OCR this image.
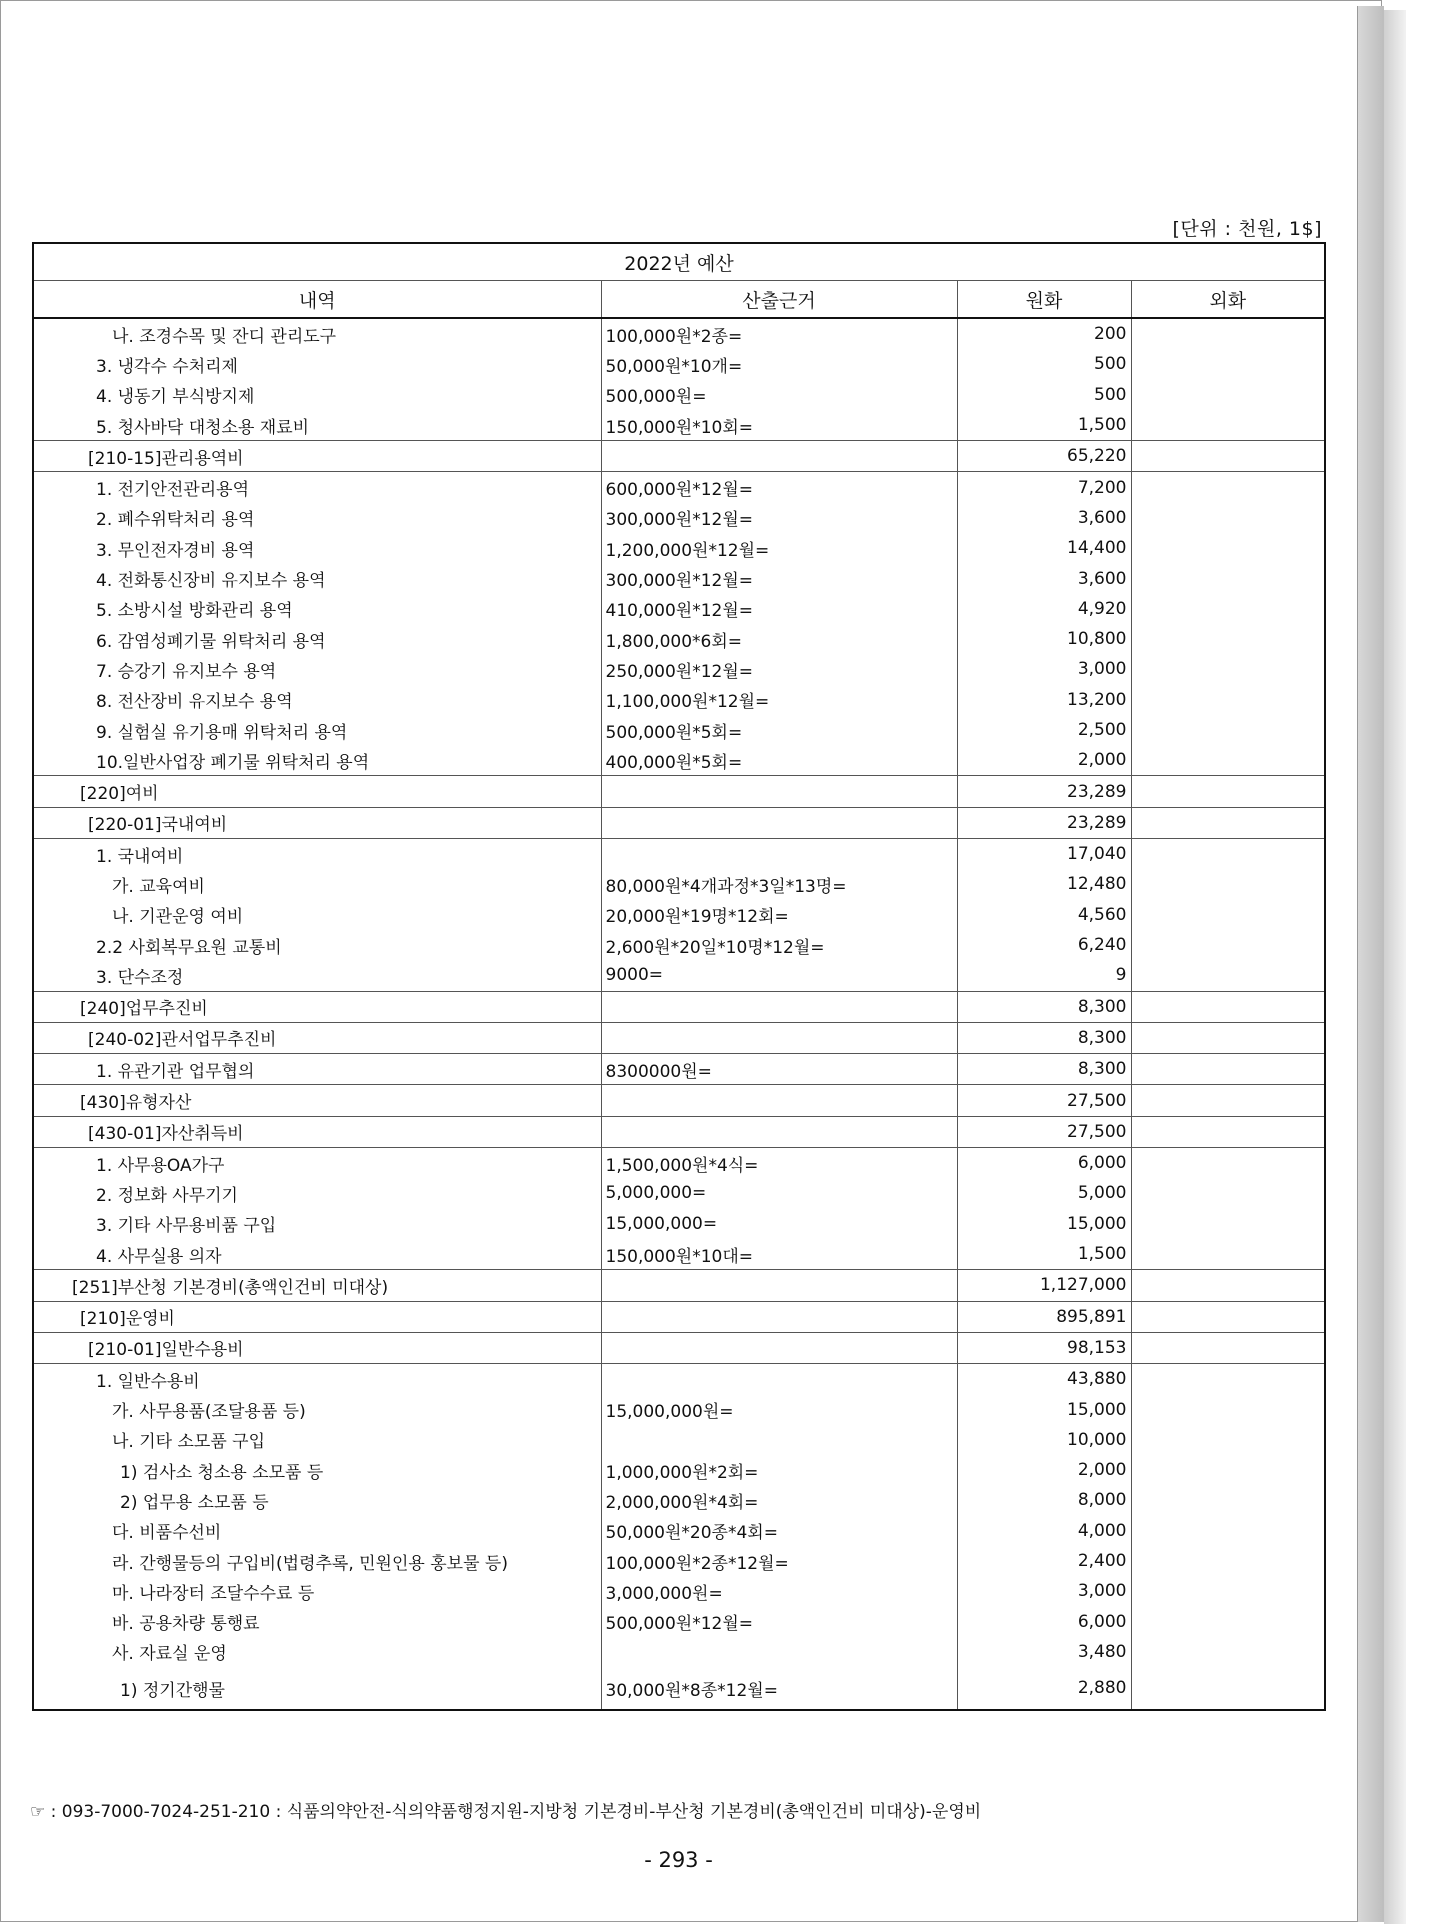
[단위 : 천원, 1$]
2022년 예산			
내역	산출근거	원화	외화
나. 조경수목 및 잔디 관리도구	100,000원*2종=	200	
3. 냉각수 수처리제	50,000원*10개=	500	
4. 냉동기 부식방지제	500,000원=	500	
5. 청사바닥 대청소용 재료비	150,000원*10회=	1,500	
[210-15]관리용역비		65,220	
1. 전기안전관리용역	600,000원*12월=	7,200	
2. 폐수위탁처리 용역	300,000원*12월=	3,600	
3. 무인전자경비 용역	1,200,000원*12월=	14,400	
4. 전화통신장비 유지보수 용역	300,000원*12월=	3,600	
5. 소방시설 방화관리 용역	410,000원*12월=	4,920	
6. 감염성폐기물 위탁처리 용역	1,800,000*6회=	10,800	
7. 승강기 유지보수 용역	250,000원*12월=	3,000	
8. 전산장비 유지보수 용역	1,100,000원*12월=	13,200	
9. 실험실 유기용매 위탁처리 용역	500,000원*5회=	2,500	
10.일반사업장 폐기물 위탁처리 용역	400,000원*5회=	2,000	
[220]여비		23,289	
[220-01]국내여비		23,289	
1. 국내여비		17,040	
가. 교육여비	80,000원*4개과정*3일*13명=	12,480	
나. 기관운영 여비	20,000원*19명*12회=	4,560	
2.2 사회복무요원 교통비	2,600원*20일*10명*12월=	6,240	
3. 단수조정	9000=	9	
[240]업무추진비		8,300	
[240-02]관서업무추진비		8,300	
1. 유관기관 업무협의	8300000원=	8,300	
[430]유형자산		27,500	
[430-01]자산취득비		27,500	
1. 사무용OA가구	1,500,000원*4식=	6,000	
2. 정보화 사무기기	5,000,000=	5,000	
3. 기타 사무용비품 구입	15,000,000=	15,000	
4. 사무실용 의자	150,000원*10대=	1,500	
[251]부산청 기본경비(총액인건비 미대상)		1,127,000	
[210]운영비		895,891	
[210-01]일반수용비		98,153	
1. 일반수용비		43,880	
가. 사무용품(조달용품 등)	15,000,000원=	15,000	
나. 기타 소모품 구입		10,000	
1) 검사소 청소용 소모품 등	1,000,000원*2회=	2,000	
2) 업무용 소모품 등	2,000,000원*4회=	8,000	
다. 비품수선비	50,000원*20종*4회=	4,000	
라. 간행물등의 구입비(법령추록, 민원인용 홍보물 등)	100,000원*2종*12월=	2,400	
마. 나라장터 조달수수료 등	3,000,000원=	3,000	
바. 공용차량 통행료	500,000원*12월=	6,000	
사. 자료실 운영		3,480	
1) 정기간행물	30,000원*8종*12월=	2,880	
☞ : 093-7000-7024-251-210 : 식품의약안전-식의약품행정지원-지방청 기본경비-부산청 기본경비(총액인건비 미대상)-운영비
- 293 -
